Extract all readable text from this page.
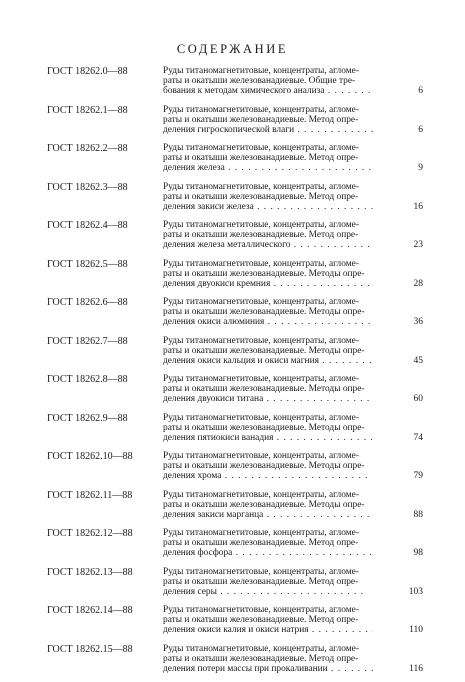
СОДЕРЖАНИЕ
ГОСТ 18262.0—88	Руды титаномагнетитовые, концентраты, агломе-
раты и окатыши железованадиевые. Общие тре-
бования к методам химического анализа . .	6
ГОСТ 18262.1—88	Руды титаномагнетитовые, концентраты, агломе-
раты и окатыши железованадиевые. Метод опре-
деления гигроскопической влаги . .	6
ГОСТ 18262.2—88	Руды титаномагнетитовые, концентраты, агломе-
раты и окатыши железованадиевые. Метод опре-
деления железа . .	9
ГОСТ 18262.3—88	Руды титаномагнетитовые, концентраты, агломе-
раты и окатыши железованадиевые. Метод опре-
деления закиси железа . .	16
ГОСТ 18262.4—88	Руды титаномагнетитовые, концентраты, агломе-
раты и окатыши железованадиевые. Метод опре-
деления железа металлического . .	23
ГОСТ 18262.5—88	Руды титаномагнетитовые, концентраты, агломе-
раты и окатыши железованадиевые. Методы опре-
деления двуокиси кремния . .	28
ГОСТ 18262.6—88	Руды титаномагнетитовые, концентраты, агломе-
раты и окатыши железованадиевые. Методы опре-
деления окиси алюминия . .	36
ГОСТ 18262.7—88	Руды титаномагнетитовые, концентраты, агломе-
раты и окатыши железованадиевые. Методы опре-
деления окиси кальция и окиси магния . .	45
ГОСТ 18262.8—88	Руды титаномагнетитовые, концентраты, агломе-
раты и окатыши железованадиевые. Методы опре-
деления двуокиси титана . .	60
ГОСТ 18262.9—88	Руды титаномагнетитовые, концентраты, агломе-
раты и окатыши железованадиевые. Методы опре-
деления пятиокиси ванадия . .	74
ГОСТ 18262.10—88	Руды титаномагнетитовые, концентраты, агломе-
раты и окатыши железованадиевые. Методы опре-
деления хрома . .	79
ГОСТ 18262.11—88	Руды титаномагнетитовые, концентраты, агломе-
раты и окатыши железованадиевые. Методы опре-
деления закиси марганца . .	88
ГОСТ 18262.12—88	Руды титаномагнетитовые, концентраты, агломе-
раты и окатыши железованадиевые. Метод опре-
деления фосфора . .	98
ГОСТ 18262.13—88	Руды титаномагнетитовые, концентраты, агломе-
раты и окатыши железованадиевые. Метод опре-
деления серы . .	103
ГОСТ 18262.14—88	Руды титаномагнетитовые, концентраты, агломе-
раты и окатыши железованадиевые. Метод опре-
деления окиси калия и окиси натрия . .	110
ГОСТ 18262.15—88	Руды титаномагнетитовые, концентраты, агломе-
раты и окатыши железованадиевые. Метод опре-
деления потери массы при прокаливании . .	116
